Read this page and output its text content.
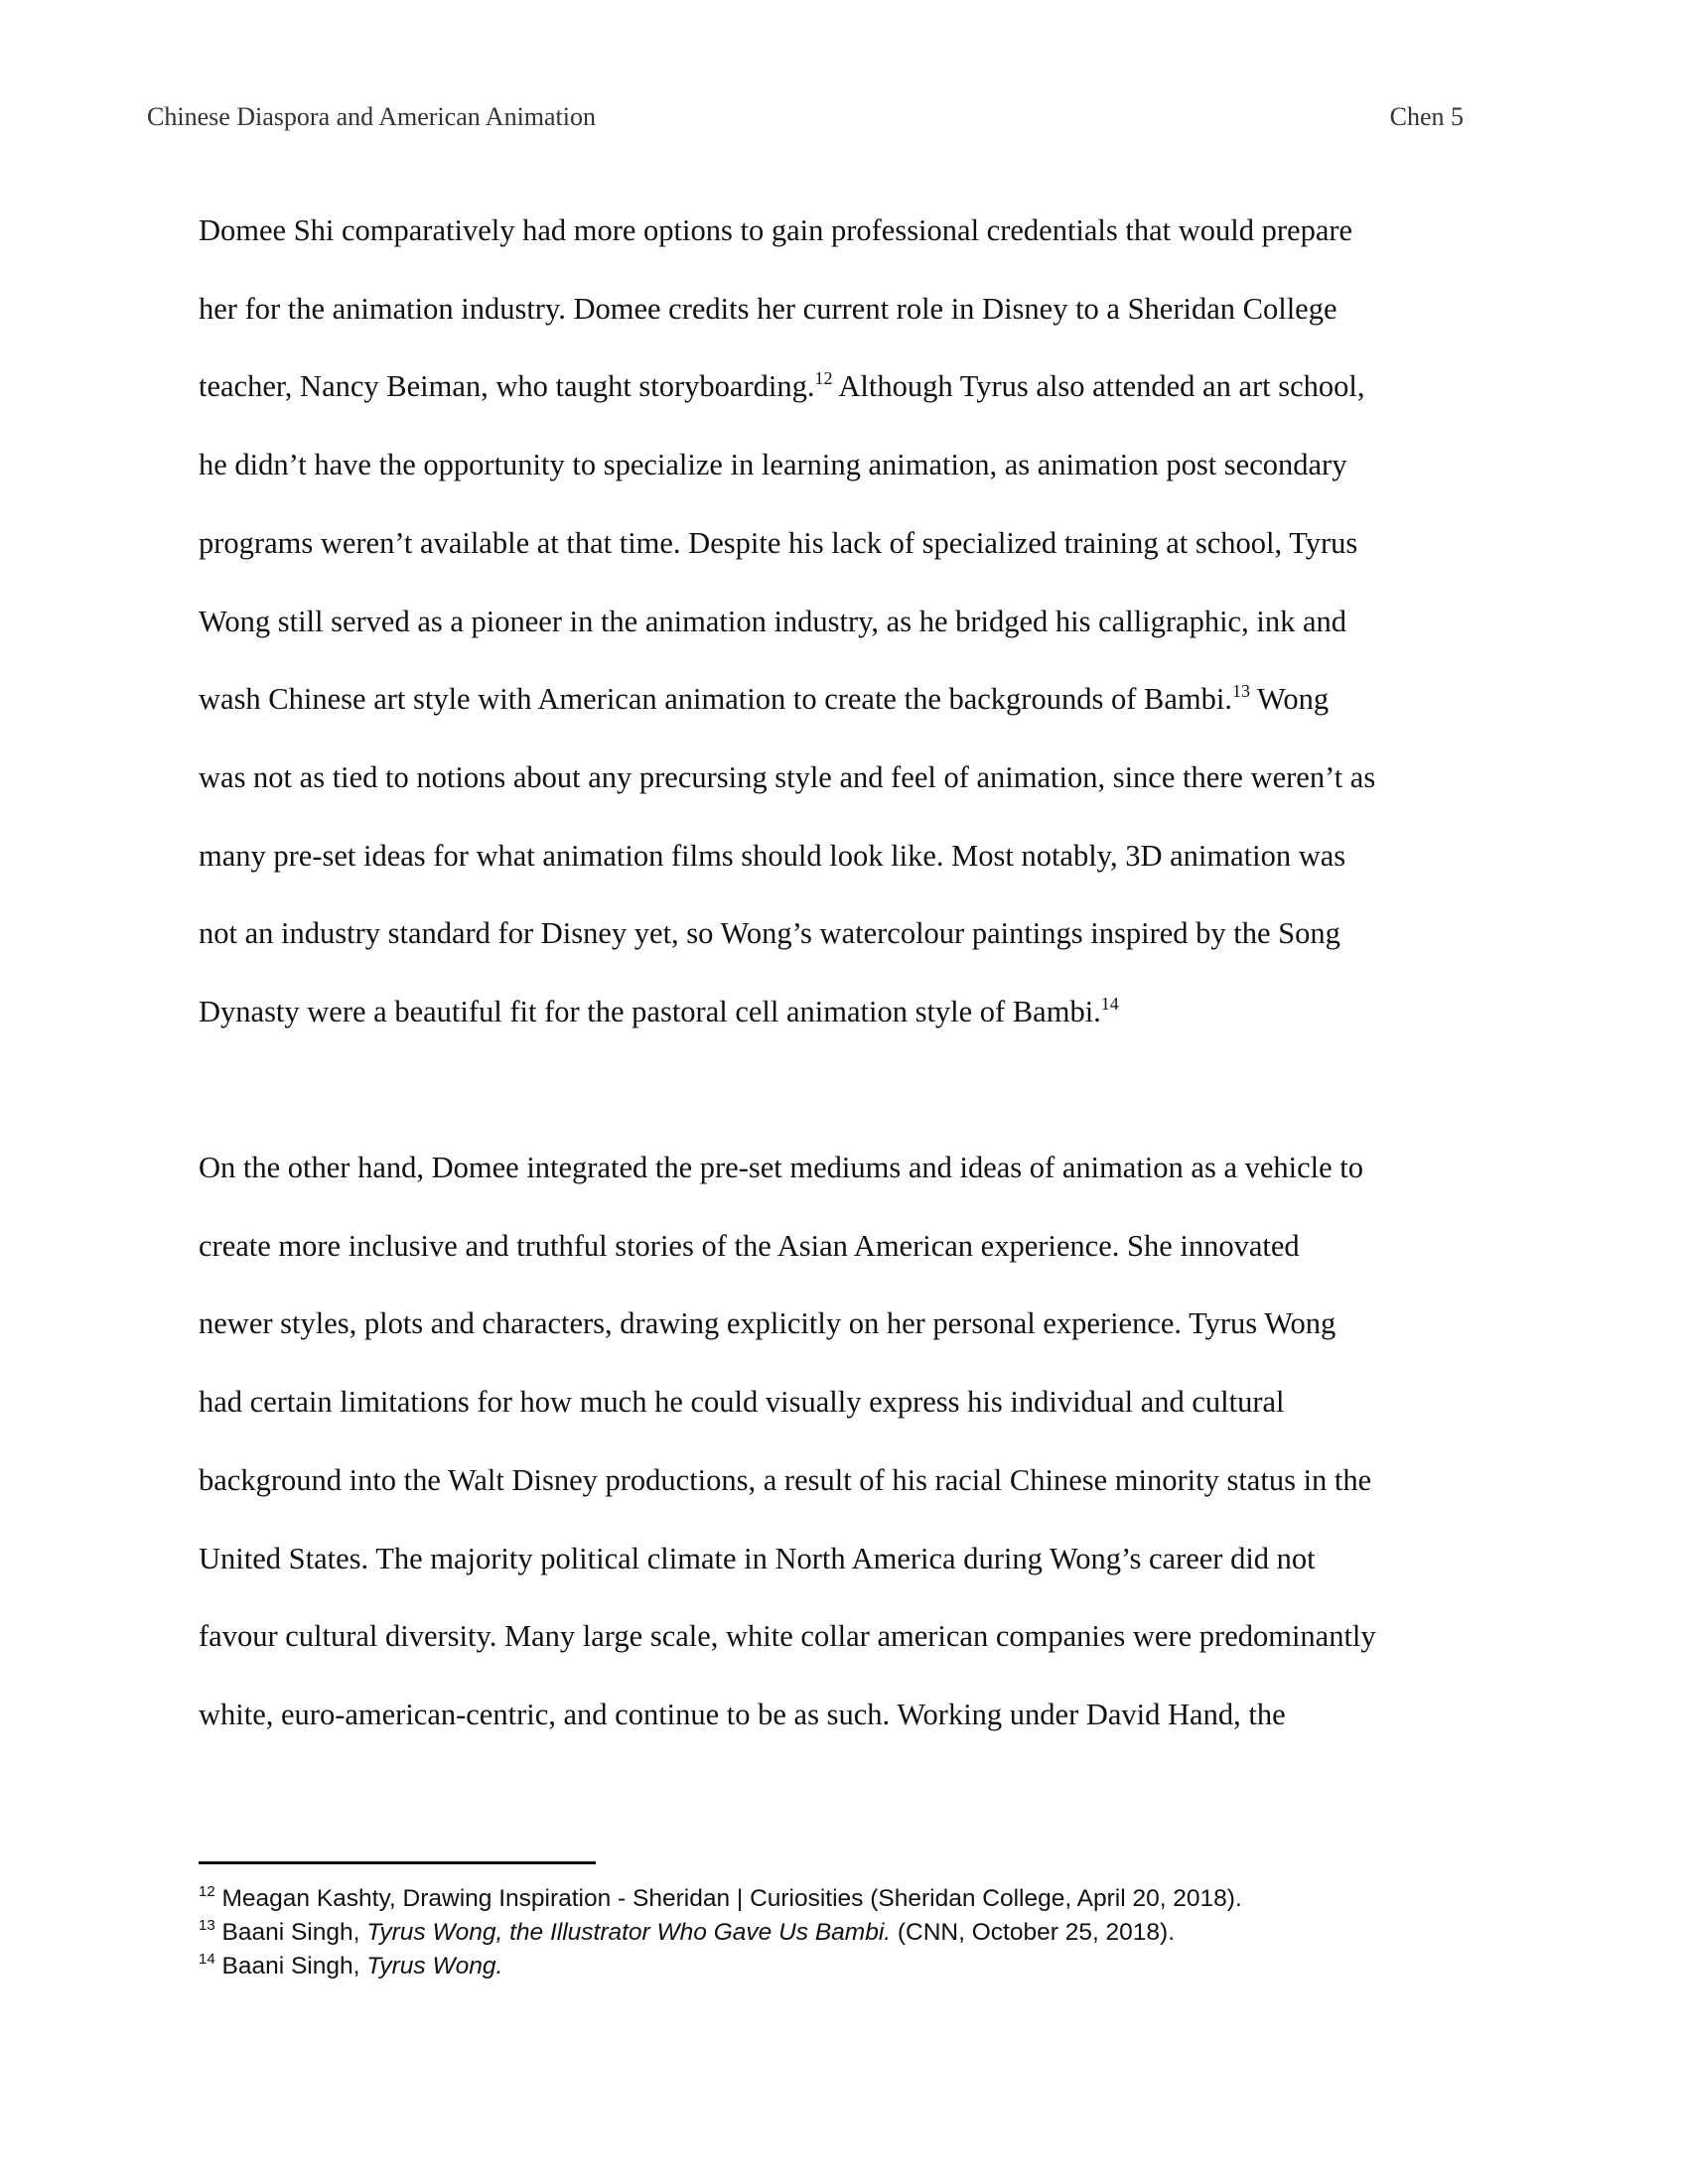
Chinese Diaspora and American Animation	Chen 5
Domee Shi comparatively had more options to gain professional credentials that would prepare
her for the animation industry. Domee credits her current role in Disney to a Sheridan College
teacher, Nancy Beiman, who taught storyboarding.$^{12}$ Although Tyrus also attended an art school,
he didn’t have the opportunity to specialize in learning animation, as animation post secondary
programs weren’t available at that time. Despite his lack of specialized training at school, Tyrus
Wong still served as a pioneer in the animation industry, as he bridged his calligraphic, ink and
wash Chinese art style with American animation to create the backgrounds of Bambi.$^{13}$ Wong
was not as tied to notions about any precursing style and feel of animation, since there weren’t as
many pre-set ideas for what animation films should look like. Most notably, 3D animation was
not an industry standard for Disney yet, so Wong’s watercolour paintings inspired by the Song
Dynasty were a beautiful fit for the pastoral cell animation style of Bambi.$^{14}$
On the other hand, Domee integrated the pre-set mediums and ideas of animation as a vehicle to
create more inclusive and truthful stories of the Asian American experience. She innovated
newer styles, plots and characters, drawing explicitly on her personal experience. Tyrus Wong
had certain limitations for how much he could visually express his individual and cultural
background into the Walt Disney productions, a result of his racial Chinese minority status in the
United States. The majority political climate in North America during Wong’s career did not
favour cultural diversity. Many large scale, white collar american companies were predominantly
white, euro-american-centric, and continue to be as such. Working under David Hand, the
$^{12}$ Meagan Kashty, Drawing Inspiration - Sheridan | Curiosities (Sheridan College, April 20, 2018).
$^{13}$ Baani Singh, Tyrus Wong, the Illustrator Who Gave Us Bambi. (CNN, October 25, 2018).
$^{14}$ Baani Singh, Tyrus Wong.
